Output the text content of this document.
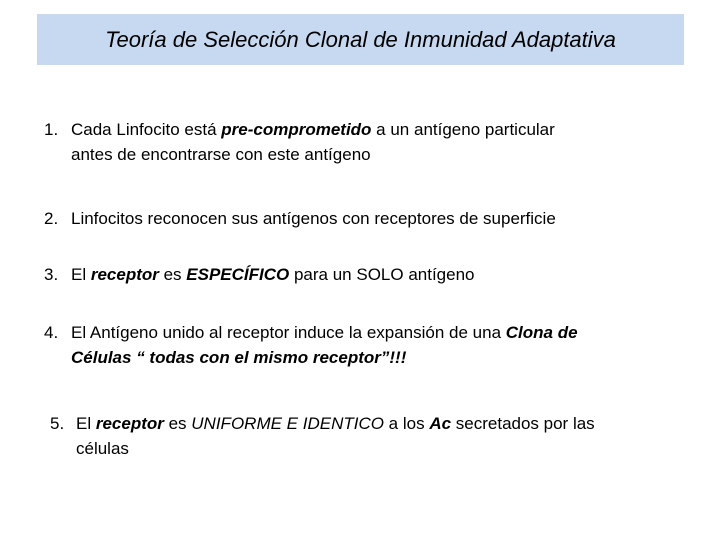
Teoría de Selección Clonal de Inmunidad Adaptativa
1. Cada Linfocito está pre-comprometido a un antígeno particular
antes de encontrarse con este antígeno
2. Linfocitos reconocen sus antígenos con receptores de superficie
3. El receptor es ESPECÍFICO para un SOLO antígeno
4. El Antígeno unido al receptor induce la expansión de una Clona de
Células “ todas con el mismo receptor”!!!
5. El receptor es UNIFORME E IDENTICO a los Ac secretados por las
células
